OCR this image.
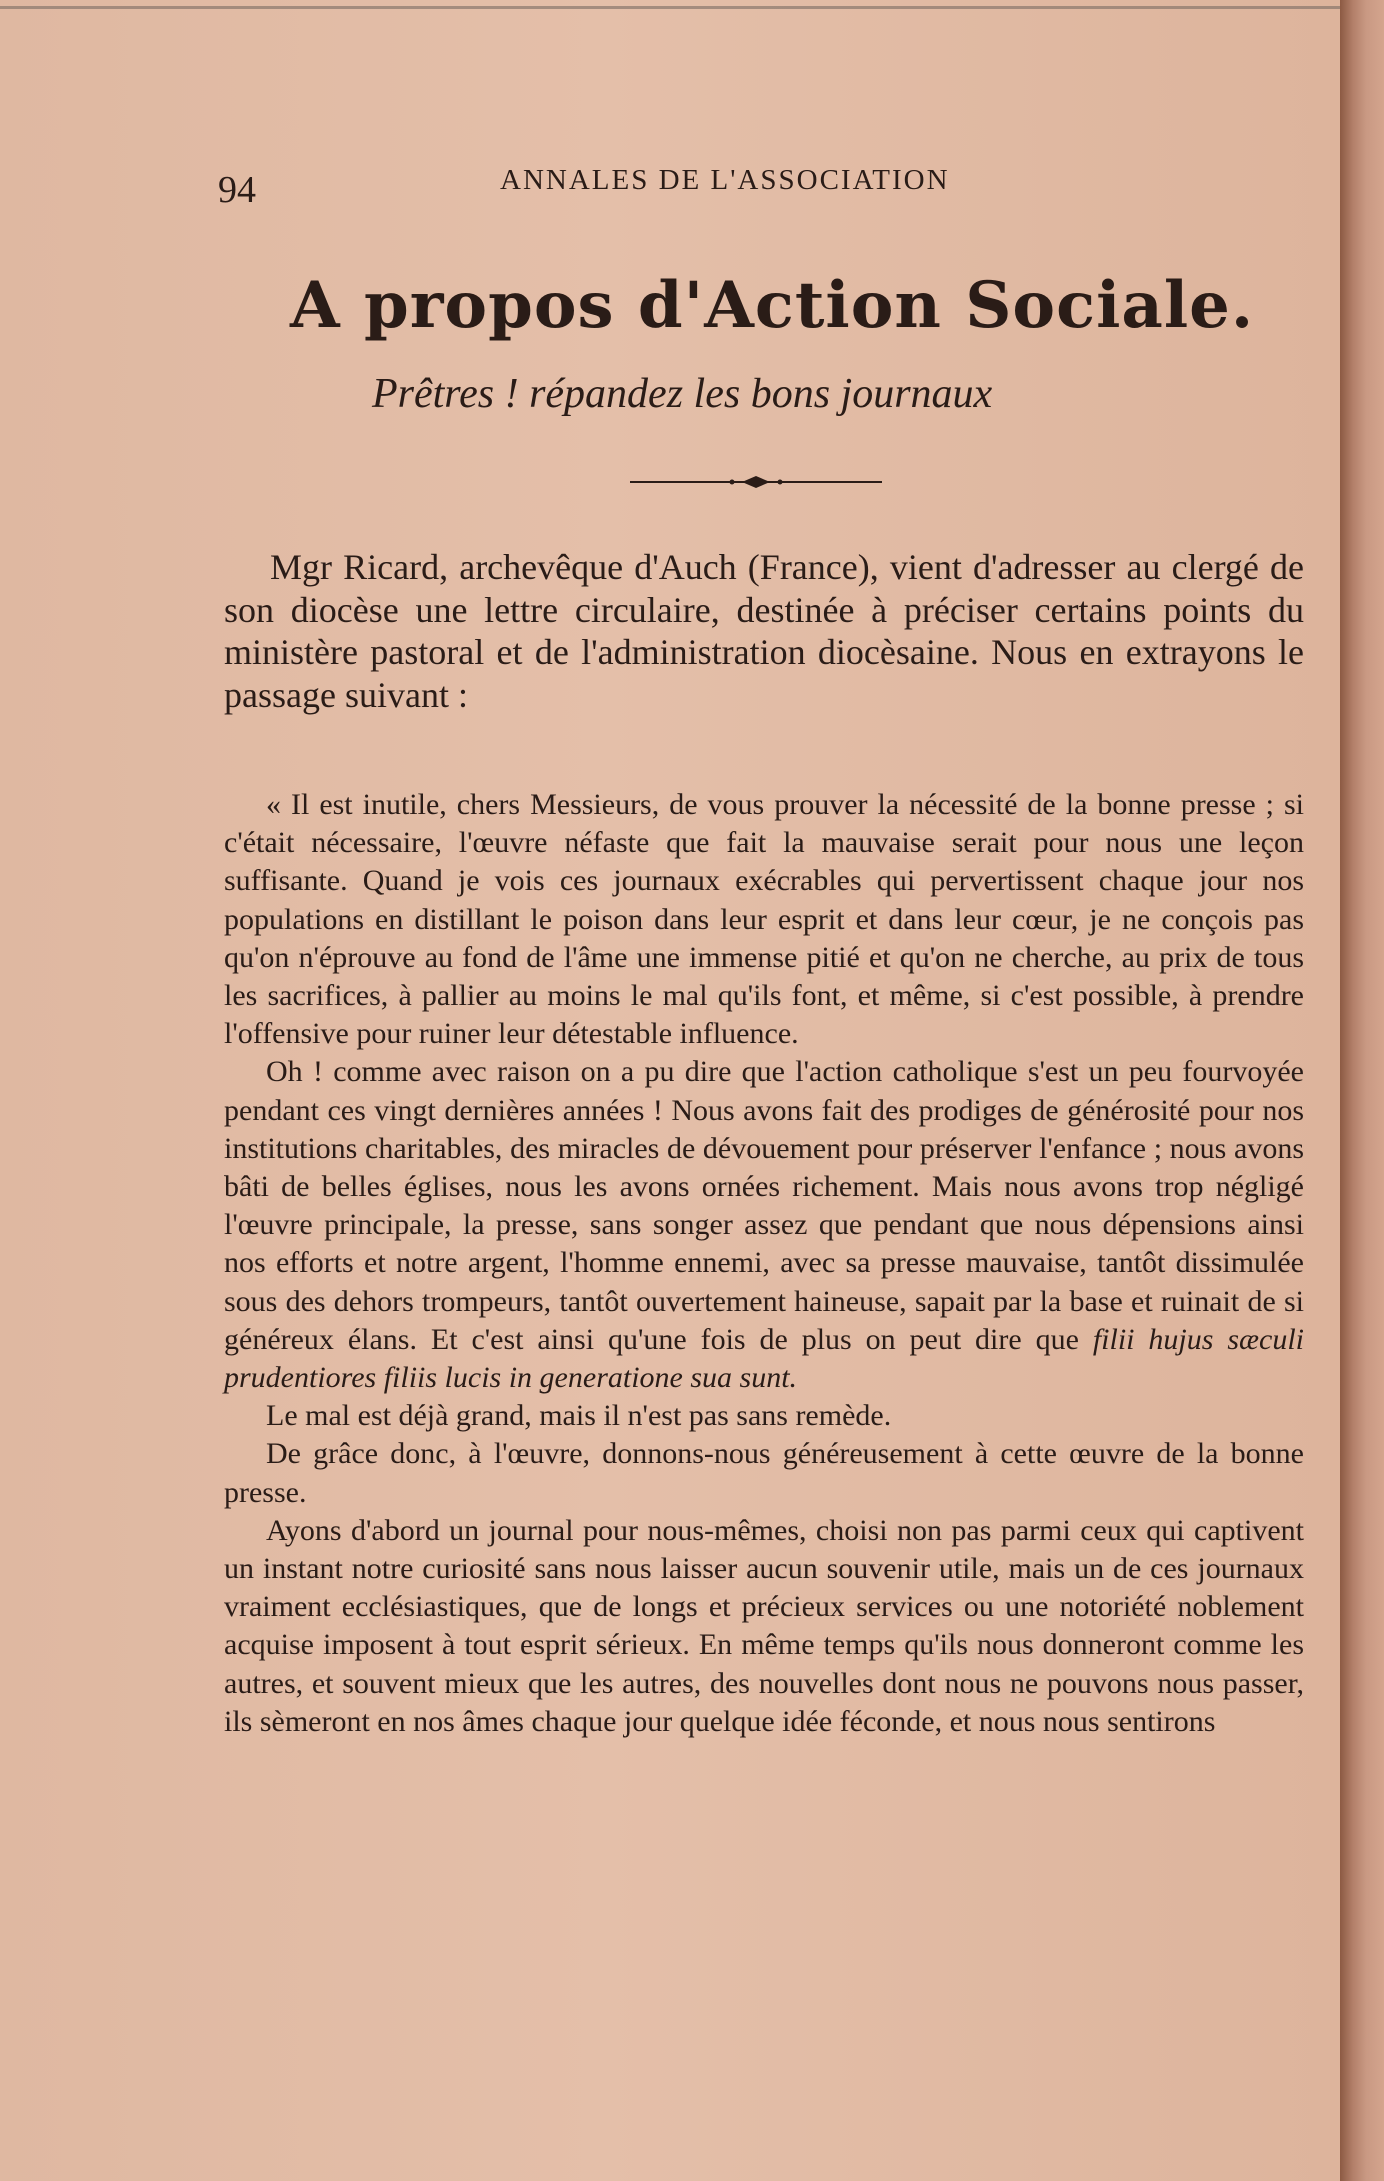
94	ANNALES DE L'ASSOCIATION
A propos d'Action Sociale.
Prêtres ! répandez les bons journaux

Mgr Ricard, archevêque d'Auch (France), vient d'adresser au clergé de son diocèse une lettre circulaire, destinée à préciser certains points du ministère pastoral et de l'administration diocèsaine. Nous en extrayons le passage suivant :

« Il est inutile, chers Messieurs, de vous prouver la nécessité de la bonne presse ; si c'était nécessaire, l'œuvre néfaste que fait la mauvaise serait pour nous une leçon suffisante. Quand je vois ces journaux exécrables qui pervertissent chaque jour nos populations en distillant le poison dans leur esprit et dans leur cœur, je ne conçois pas qu'on n'éprouve au fond de l'âme une immense pitié et qu'on ne cherche, au prix de tous les sacrifices, à pallier au moins le mal qu'ils font, et même, si c'est possible, à prendre l'offensive pour ruiner leur détestable influence.

Oh ! comme avec raison on a pu dire que l'action catholique s'est un peu fourvoyée pendant ces vingt dernières années ! Nous avons fait des prodiges de générosité pour nos institutions charitables, des miracles de dévouement pour préserver l'enfance ; nous avons bâti de belles églises, nous les avons ornées richement. Mais nous avons trop négligé l'œuvre principale, la presse, sans songer assez que pendant que nous dépensions ainsi nos efforts et notre argent, l'homme ennemi, avec sa presse mauvaise, tantôt dissimulée sous des dehors trompeurs, tantôt ouvertement haineuse, sapait par la base et ruinait de si généreux élans. Et c'est ainsi qu'une fois de plus on peut dire que filii hujus sæculi prudentiores filiis lucis in generatione sua sunt.

Le mal est déjà grand, mais il n'est pas sans remède.

De grâce donc, à l'œuvre, donnons-nous généreusement à cette œuvre de la bonne presse.

Ayons d'abord un journal pour nous-mêmes, choisi non pas parmi ceux qui captivent un instant notre curiosité sans nous laisser aucun souvenir utile, mais un de ces journaux vraiment ecclésiastiques, que de longs et précieux services ou une notoriété noblement acquise imposent à tout esprit sérieux. En même temps qu'ils nous donneront comme les autres, et souvent mieux que les autres, des nouvelles dont nous ne pouvons nous passer, ils sèmeront en nos âmes chaque jour quelque idée féconde, et nous nous sentirons
